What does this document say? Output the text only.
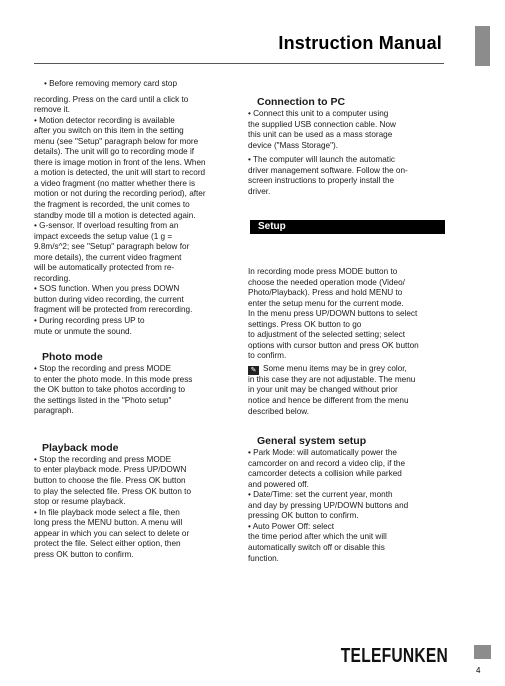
Instruction Manual

• Before removing memory card stop

recording. Press on the card until a click to
remove it.

• Motion detector recording is available
after you switch on this item in the setting
menu (see "Setup" paragraph below for more
details). The unit will go to recording mode if
there is image motion in front of the lens. When
a motion is detected, the unit will start to record
a video fragment (no matter whether there is
motion or not during the recording period), after
the fragment is recorded, the unit comes to
standby mode till a motion is detected again.

• G-sensor. If overload resulting from an
impact exceeds the setup value (1 g =
9.8m/s^2; see "Setup" paragraph below for
more details), the current video fragment
will be automatically protected from re-
recording.

• SOS function. When you press DOWN
button during video recording, the current
fragment will be protected from rerecording.

• During recording press UP to
mute or unmute the sound.

Photo mode

• Stop the recording and press MODE
to enter the photo mode. In this mode press
the OK button to take photos according to
the settings listed in the "Photo setup"
paragraph.

Playback mode

• Stop the recording and press MODE
to enter playback mode. Press UP/DOWN
button to choose the file. Press OK button
to play the selected file. Press OK button to
stop or resume playback.

• In file playback mode select a file, then
long press the MENU button. A menu will
appear in which you can select to delete or
protect the file. Select either option, then
press OK button to confirm.

Connection to PC

• Connect this unit to a computer using
the supplied USB connection cable. Now
this unit can be used as a mass storage
device ("Mass Storage").

• The computer will launch the automatic
driver management software. Follow the on-
screen instructions to properly install the
driver.

Setup

In recording mode press MODE button to
choose the needed operation mode (Video/
Photo/Playback). Press and hold MENU to
enter the setup menu for the current mode.
In the menu press UP/DOWN buttons to select
settings. Press OK button to go
to adjustment of the selected setting; select
options with cursor button and press OK button
to confirm.

✎ Some menu items may be in grey color,
in this case they are not adjustable. The menu
in your unit may be changed without prior
notice and hence be different from the menu
described below.

General system setup

• Park Mode: will automatically power the
camcorder on and record a video clip, if the
camcorder detects a collision while parked
and powered off.

• Date/Time: set the current year, month
and day by pressing UP/DOWN buttons and
pressing OK button to confirm.

• Auto Power Off: select
the time period after which the unit will
automatically switch off or disable this
function.

TELEFUNKEN
4
